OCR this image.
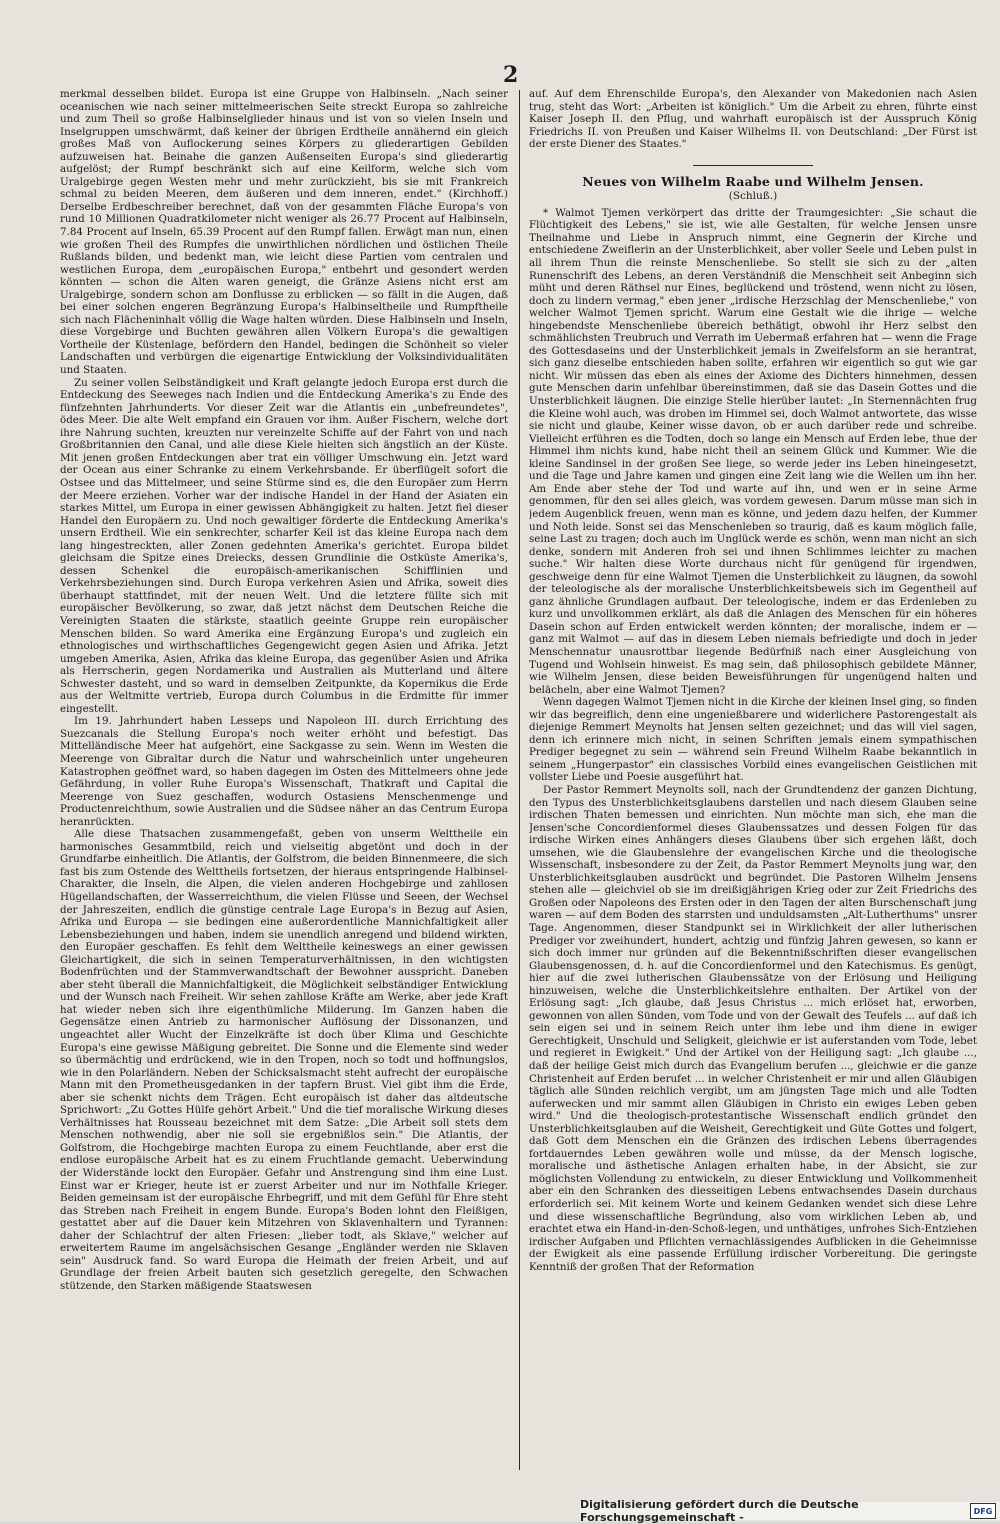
2

merkmal desselben bildet. Europa ist eine Gruppe von Halbinseln. „Nach seiner oceanischen wie nach seiner mittelmeerischen Seite streckt Europa so zahlreiche und zum Theil so große Halbinselglieder hinaus und ist von so vielen Inseln und Inselgruppen umschwärmt, daß keiner der übrigen Erdtheile annähernd ein gleich großes Maß von Auflockerung seines Körpers zu gliederartigen Gebilden aufzuweisen hat. Beinahe die ganzen Außenseiten Europa's sind gliederartig aufgelöst; der Rumpf beschränkt sich auf eine Keilform, welche sich vom Uralgebirge gegen Westen mehr und mehr zurückzieht, bis sie mit Frankreich schmal zu beiden Meeren, dem äußeren und dem inneren, endet." (Kirchhoff.) Derselbe Erdbeschreiber berechnet, daß von der gesammten Fläche Europa's von rund 10 Millionen Quadratkilometer nicht weniger als 26.77 Procent auf Halbinseln, 7.84 Procent auf Inseln, 65.39 Procent auf den Rumpf fallen. Erwägt man nun, einen wie großen Theil des Rumpfes die unwirthlichen nördlichen und östlichen Theile Rußlands bilden, und bedenkt man, wie leicht diese Partien vom centralen und westlichen Europa, dem „europäischen Europa," entbehrt und gesondert werden könnten — schon die Alten waren geneigt, die Gränze Asiens nicht erst am Uralgebirge, sondern schon am Donflusse zu erblicken — so fällt in die Augen, daß bei einer solchen engeren Begränzung Europa's Halbinseltheile und Rumpftheile sich nach Flächeninhalt völlig die Wage halten würden. Diese Halbinseln und Inseln, diese Vorgebirge und Buchten gewähren allen Völkern Europa's die gewaltigen Vortheile der Küstenlage, befördern den Handel, bedingen die Schönheit so vieler Landschaften und verbürgen die eigenartige Entwicklung der Volksindividualitäten und Staaten.

Zu seiner vollen Selbständigkeit und Kraft gelangte jedoch Europa erst durch die Entdeckung des Seeweges nach Indien und die Entdeckung Amerika's zu Ende des fünfzehnten Jahrhunderts. Vor dieser Zeit war die Atlantis ein „unbefreundetes", ödes Meer. Die alte Welt empfand ein Grauen vor ihm. Außer Fischern, welche dort ihre Nahrung suchten, kreuzten nur vereinzelte Schiffe auf der Fahrt von und nach Großbritannien den Canal, und alle diese Kiele hielten sich ängstlich an der Küste. Mit jenen großen Entdeckungen aber trat ein völliger Umschwung ein. Jetzt ward der Ocean aus einer Schranke zu einem Verkehrsbande. Er überflügelt sofort die Ostsee und das Mittelmeer, und seine Stürme sind es, die den Europäer zum Herrn der Meere erziehen. Vorher war der indische Handel in der Hand der Asiaten ein starkes Mittel, um Europa in einer gewissen Abhängigkeit zu halten. Jetzt fiel dieser Handel den Europäern zu. Und noch gewaltiger förderte die Entdeckung Amerika's unsern Erdtheil. Wie ein senkrechter, scharfer Keil ist das kleine Europa nach dem lang hingestreckten, aller Zonen gedehnten Amerika's gerichtet. Europa bildet gleichsam die Spitze eines Dreiecks, dessen Grundlinie die Ostküste Amerika's, dessen Schenkel die europäisch-amerikanischen Schifflinien und Verkehrsbeziehungen sind. Durch Europa verkehren Asien und Afrika, soweit dies überhaupt stattfindet, mit der neuen Welt. Und die letztere füllte sich mit europäischer Bevölkerung, so zwar, daß jetzt nächst dem Deutschen Reiche die Vereinigten Staaten die stärkste, staatlich geeinte Gruppe rein europäischer Menschen bilden. So ward Amerika eine Ergänzung Europa's und zugleich ein ethnologisches und wirthschaftliches Gegengewicht gegen Asien und Afrika. Jetzt umgeben Amerika, Asien, Afrika das kleine Europa, das gegenüber Asien und Afrika als Herrscherin, gegen Nordamerika und Australien als Mutterland und ältere Schwester dasteht, und so ward in demselben Zeitpunkte, da Kopernikus die Erde aus der Weltmitte vertrieb, Europa durch Columbus in die Erdmitte für immer eingestellt.

Im 19. Jahrhundert haben Lesseps und Napoleon III. durch Errichtung des Suezcanals die Stellung Europa's noch weiter erhöht und befestigt. Das Mittelländische Meer hat aufgehört, eine Sackgasse zu sein. Wenn im Westen die Meerenge von Gibraltar durch die Natur und wahrscheinlich unter ungeheuren Katastrophen geöffnet ward, so haben dagegen im Osten des Mittelmeers ohne jede Gefährdung, in voller Ruhe Europa's Wissenschaft, Thatkraft und Capital die Meerenge von Suez geschaffen, wodurch Ostasiens Menschenmenge und Productenreichthum, sowie Australien und die Südsee näher an das Centrum Europa heranrückten.

Alle diese Thatsachen zusammengefaßt, geben von unserm Welttheile ein harmonisches Gesammtbild, reich und vielseitig abgetönt und doch in der Grundfarbe einheitlich. Die Atlantis, der Golfstrom, die beiden Binnenmeere, die sich fast bis zum Ostende des Welttheils fortsetzen, der hieraus entspringende Halbinsel-Charakter, die Inseln, die Alpen, die vielen anderen Hochgebirge und zahllosen Hügellandschaften, der Wasserreichthum, die vielen Flüsse und Seeen, der Wechsel der Jahreszeiten, endlich die günstige centrale Lage Europa's in Bezug auf Asien, Afrika und Europa — sie bedingen eine außerordentliche Mannichfaltigkeit aller Lebensbeziehungen und haben, indem sie unendlich anregend und bildend wirkten, den Europäer geschaffen. Es fehlt dem Welttheile keineswegs an einer gewissen Gleichartigkeit, die sich in seinen Temperaturverhältnissen, in den wichtigsten Bodenfrüchten und der Stammverwandtschaft der Bewohner ausspricht. Daneben aber steht überall die Mannichfaltigkeit, die Möglichkeit selbständiger Entwicklung und der Wunsch nach Freiheit. Wir sehen zahllose Kräfte am Werke, aber jede Kraft hat wieder neben sich ihre eigenthümliche Milderung. Im Ganzen haben die Gegensätze einen Antrieb zu harmonischer Auflösung der Dissonanzen, und ungeachtet aller Wucht der Einzelkräfte ist doch über Klima und Geschichte Europa's eine gewisse Mäßigung gebreitet. Die Sonne und die Elemente sind weder so übermächtig und erdrückend, wie in den Tropen, noch so todt und hoffnungslos, wie in den Polarländern. Neben der Schicksalsmacht steht aufrecht der europäische Mann mit den Prometheusgedanken in der tapfern Brust. Viel gibt ihm die Erde, aber sie schenkt nichts dem Trägen. Echt europäisch ist daher das altdeutsche Sprichwort: „Zu Gottes Hülfe gehört Arbeit." Und die tief moralische Wirkung dieses Verhältnisses hat Rousseau bezeichnet mit dem Satze: „Die Arbeit soll stets dem Menschen nothwendig, aber nie soll sie ergebnißlos sein." Die Atlantis, der Golfstrom, die Hochgebirge machten Europa zu einem Feuchtlande, aber erst die endlose europäische Arbeit hat es zu einem Fruchtlande gemacht. Ueberwindung der Widerstände lockt den Europäer. Gefahr und Anstrengung sind ihm eine Lust. Einst war er Krieger, heute ist er zuerst Arbeiter und nur im Nothfalle Krieger. Beiden gemeinsam ist der europäische Ehrbegriff, und mit dem Gefühl für Ehre steht das Streben nach Freiheit in engem Bunde. Europa's Boden lohnt den Fleißigen, gestattet aber auf die Dauer kein Mitzehren von Sklavenhaltern und Tyrannen: daher der Schlachtruf der alten Friesen: „lieber todt, als Sklave," welcher auf erweitertem Raume im angelsächsischen Gesange „Engländer werden nie Sklaven sein" Ausdruck fand. So ward Europa die Heimath der freien Arbeit, und auf Grundlage der freien Arbeit bauten sich gesetzlich geregelte, den Schwachen stützende, den Starken mäßigende Staatswesen

auf. Auf dem Ehrenschilde Europa's, den Alexander von Makedonien nach Asien trug, steht das Wort: „Arbeiten ist königlich." Um die Arbeit zu ehren, führte einst Kaiser Joseph II. den Pflug, und wahrhaft europäisch ist der Ausspruch König Friedrichs II. von Preußen und Kaiser Wilhelms II. von Deutschland: „Der Fürst ist der erste Diener des Staates."

Neues von Wilhelm Raabe und Wilhelm Jensen.
(Schluß.)

* Walmot Tjemen verkörpert das dritte der Traumgesichter: „Sie schaut die Flüchtigkeit des Lebens," sie ist, wie alle Gestalten, für welche Jensen unsre Theilnahme und Liebe in Anspruch nimmt, eine Gegnerin der Kirche und entschiedene Zweiflerin an der Unsterblichkeit, aber voller Seele und Leben pulst in all ihrem Thun die reinste Menschenliebe. So stellt sie sich zu der „alten Runenschrift des Lebens, an deren Verständniß die Menschheit seit Anbeginn sich müht und deren Räthsel nur Eines, beglückend und tröstend, wenn nicht zu lösen, doch zu lindern vermag," eben jener „irdische Herzschlag der Menschenliebe," von welcher Walmot Tjemen spricht. Warum eine Gestalt wie die ihrige — welche hingebendste Menschenliebe übereich bethätigt, obwohl ihr Herz selbst den schmählichsten Treubruch und Verrath im Uebermaß erfahren hat — wenn die Frage des Gottesdaseins und der Unsterblichkeit jemals in Zweifelsform an sie herantrat, sich ganz dieselbe entschieden haben sollte, erfahren wir eigentlich so gut wie gar nicht. Wir müssen das eben als eines der Axiome des Dichters hinnehmen, dessen gute Menschen darin unfehlbar übereinstimmen, daß sie das Dasein Gottes und die Unsterblichkeit läugnen. Die einzige Stelle hierüber lautet: „In Sternennächten frug die Kleine wohl auch, was droben im Himmel sei, doch Walmot antwortete, das wisse sie nicht und glaube, Keiner wisse davon, ob er auch darüber rede und schreibe. Vielleicht erführen es die Todten, doch so lange ein Mensch auf Erden lebe, thue der Himmel ihm nichts kund, habe nicht theil an seinem Glück und Kummer. Wie die kleine Sandinsel in der großen See liege, so werde jeder ins Leben hineingesetzt, und die Tage und Jahre kamen und gingen eine Zeit lang wie die Wellen um ihn her. Am Ende aber stehe der Tod und warte auf ihn, und wen er in seine Arme genommen, für den sei alles gleich, was vordem gewesen. Darum müsse man sich in jedem Augenblick freuen, wenn man es könne, und jedem dazu helfen, der Kummer und Noth leide. Sonst sei das Menschenleben so traurig, daß es kaum möglich falle, seine Last zu tragen; doch auch im Unglück werde es schön, wenn man nicht an sich denke, sondern mit Anderen froh sei und ihnen Schlimmes leichter zu machen suche." Wir halten diese Worte durchaus nicht für genügend für irgendwen, geschweige denn für eine Walmot Tjemen die Unsterblichkeit zu läugnen, da sowohl der teleologische als der moralische Unsterblichkeitsbeweis sich im Gegentheil auf ganz ähnliche Grundlagen aufbaut. Der teleologische, indem er das Erdenleben zu kurz und unvollkommen erklärt, als daß die Anlagen des Menschen für ein höheres Dasein schon auf Erden entwickelt werden könnten; der moralische, indem er — ganz mit Walmot — auf das in diesem Leben niemals befriedigte und doch in jeder Menschennatur unausrottbar liegende Bedürfniß nach einer Ausgleichung von Tugend und Wohlsein hinweist. Es mag sein, daß philosophisch gebildete Männer, wie Wilhelm Jensen, diese beiden Beweisführungen für ungenügend halten und belächeln, aber eine Walmot Tjemen?

Wenn dagegen Walmot Tjemen nicht in die Kirche der kleinen Insel ging, so finden wir das begreiflich, denn eine ungenießbarere und widerlichere Pastorengestalt als diejenige Remmert Meynolts hat Jensen selten gezeichnet; und das will viel sagen, denn ich erinnere mich nicht, in seinen Schriften jemals einem sympathischen Prediger begegnet zu sein — während sein Freund Wilhelm Raabe bekanntlich in seinem „Hungerpastor" ein classisches Vorbild eines evangelischen Geistlichen mit vollster Liebe und Poesie ausgeführt hat.

Der Pastor Remmert Meynolts soll, nach der Grundtendenz der ganzen Dichtung, den Typus des Unsterblichkeitsglaubens darstellen und nach diesem Glauben seine irdischen Thaten bemessen und einrichten. Nun möchte man sich, ehe man die Jensen'sche Concordienformel dieses Glaubenssatzes und dessen Folgen für das irdische Wirken eines Anhängers dieses Glaubens über sich ergehen läßt, doch umsehen, wie die Glaubenslehre der evangelischen Kirche und die theologische Wissenschaft, insbesondere zu der Zeit, da Pastor Remmert Meynolts jung war, den Unsterblichkeitsglauben ausdrückt und begründet. Die Pastoren Wilhelm Jensens stehen alle — gleichviel ob sie im dreißigjährigen Krieg oder zur Zeit Friedrichs des Großen oder Napoleons des Ersten oder in den Tagen der alten Burschenschaft jung waren — auf dem Boden des starrsten und unduldsamsten „Alt-Lutherthums" unsrer Tage. Angenommen, dieser Standpunkt sei in Wirklichkeit der aller lutherischen Prediger vor zweihundert, hundert, achtzig und fünfzig Jahren gewesen, so kann er sich doch immer nur gründen auf die Bekenntnißschriften dieser evangelischen Glaubensgenossen, d. h. auf die Concordienformel und den Katechismus. Es genügt, hier auf die zwei lutherischen Glaubenssätze von der Erlösung und Heiligung hinzuweisen, welche die Unsterblichkeitslehre enthalten. Der Artikel von der Erlösung sagt: „Ich glaube, daß Jesus Christus ... mich erlöset hat, erworben, gewonnen von allen Sünden, vom Tode und von der Gewalt des Teufels ... auf daß ich sein eigen sei und in seinem Reich unter ihm lebe und ihm diene in ewiger Gerechtigkeit, Unschuld und Seligkeit, gleichwie er ist auferstanden vom Tode, lebet und regieret in Ewigkeit." Und der Artikel von der Heiligung sagt: „Ich glaube ..., daß der heilige Geist mich durch das Evangelium berufen ..., gleichwie er die ganze Christenheit auf Erden berufet ... in welcher Christenheit er mir und allen Gläubigen täglich alle Sünden reichlich vergibt, um am jüngsten Tage mich und alle Todten auferwecken und mir sammt allen Gläubigen in Christo ein ewiges Leben geben wird." Und die theologisch-protestantische Wissenschaft endlich gründet den Unsterblichkeitsglauben auf die Weisheit, Gerechtigkeit und Güte Gottes und folgert, daß Gott dem Menschen ein die Gränzen des irdischen Lebens überragendes fortdauerndes Leben gewähren wolle und müsse, da der Mensch logische, moralische und ästhetische Anlagen erhalten habe, in der Absicht, sie zur möglichsten Vollendung zu entwickeln, zu dieser Entwicklung und Vollkommenheit aber ein den Schranken des diesseitigen Lebens entwachsendes Dasein durchaus erforderlich sei. Mit keinem Worte und keinem Gedanken wendet sich diese Lehre und diese wissenschaftliche Begründung, also vom wirklichen Leben ab, und erachtet etwa ein Hand-in-den-Schoß-legen, und unthätiges, unfrohes Sich-Entziehen irdischer Aufgaben und Pflichten vernachlässigendes Aufblicken in die Geheimnisse der Ewigkeit als eine passende Erfüllung irdischer Vorbereitung. Die geringste Kenntniß der großen That der Reformation

Digitalisierung gefördert durch die Deutsche Forschungsgemeinschaft -	DFG
